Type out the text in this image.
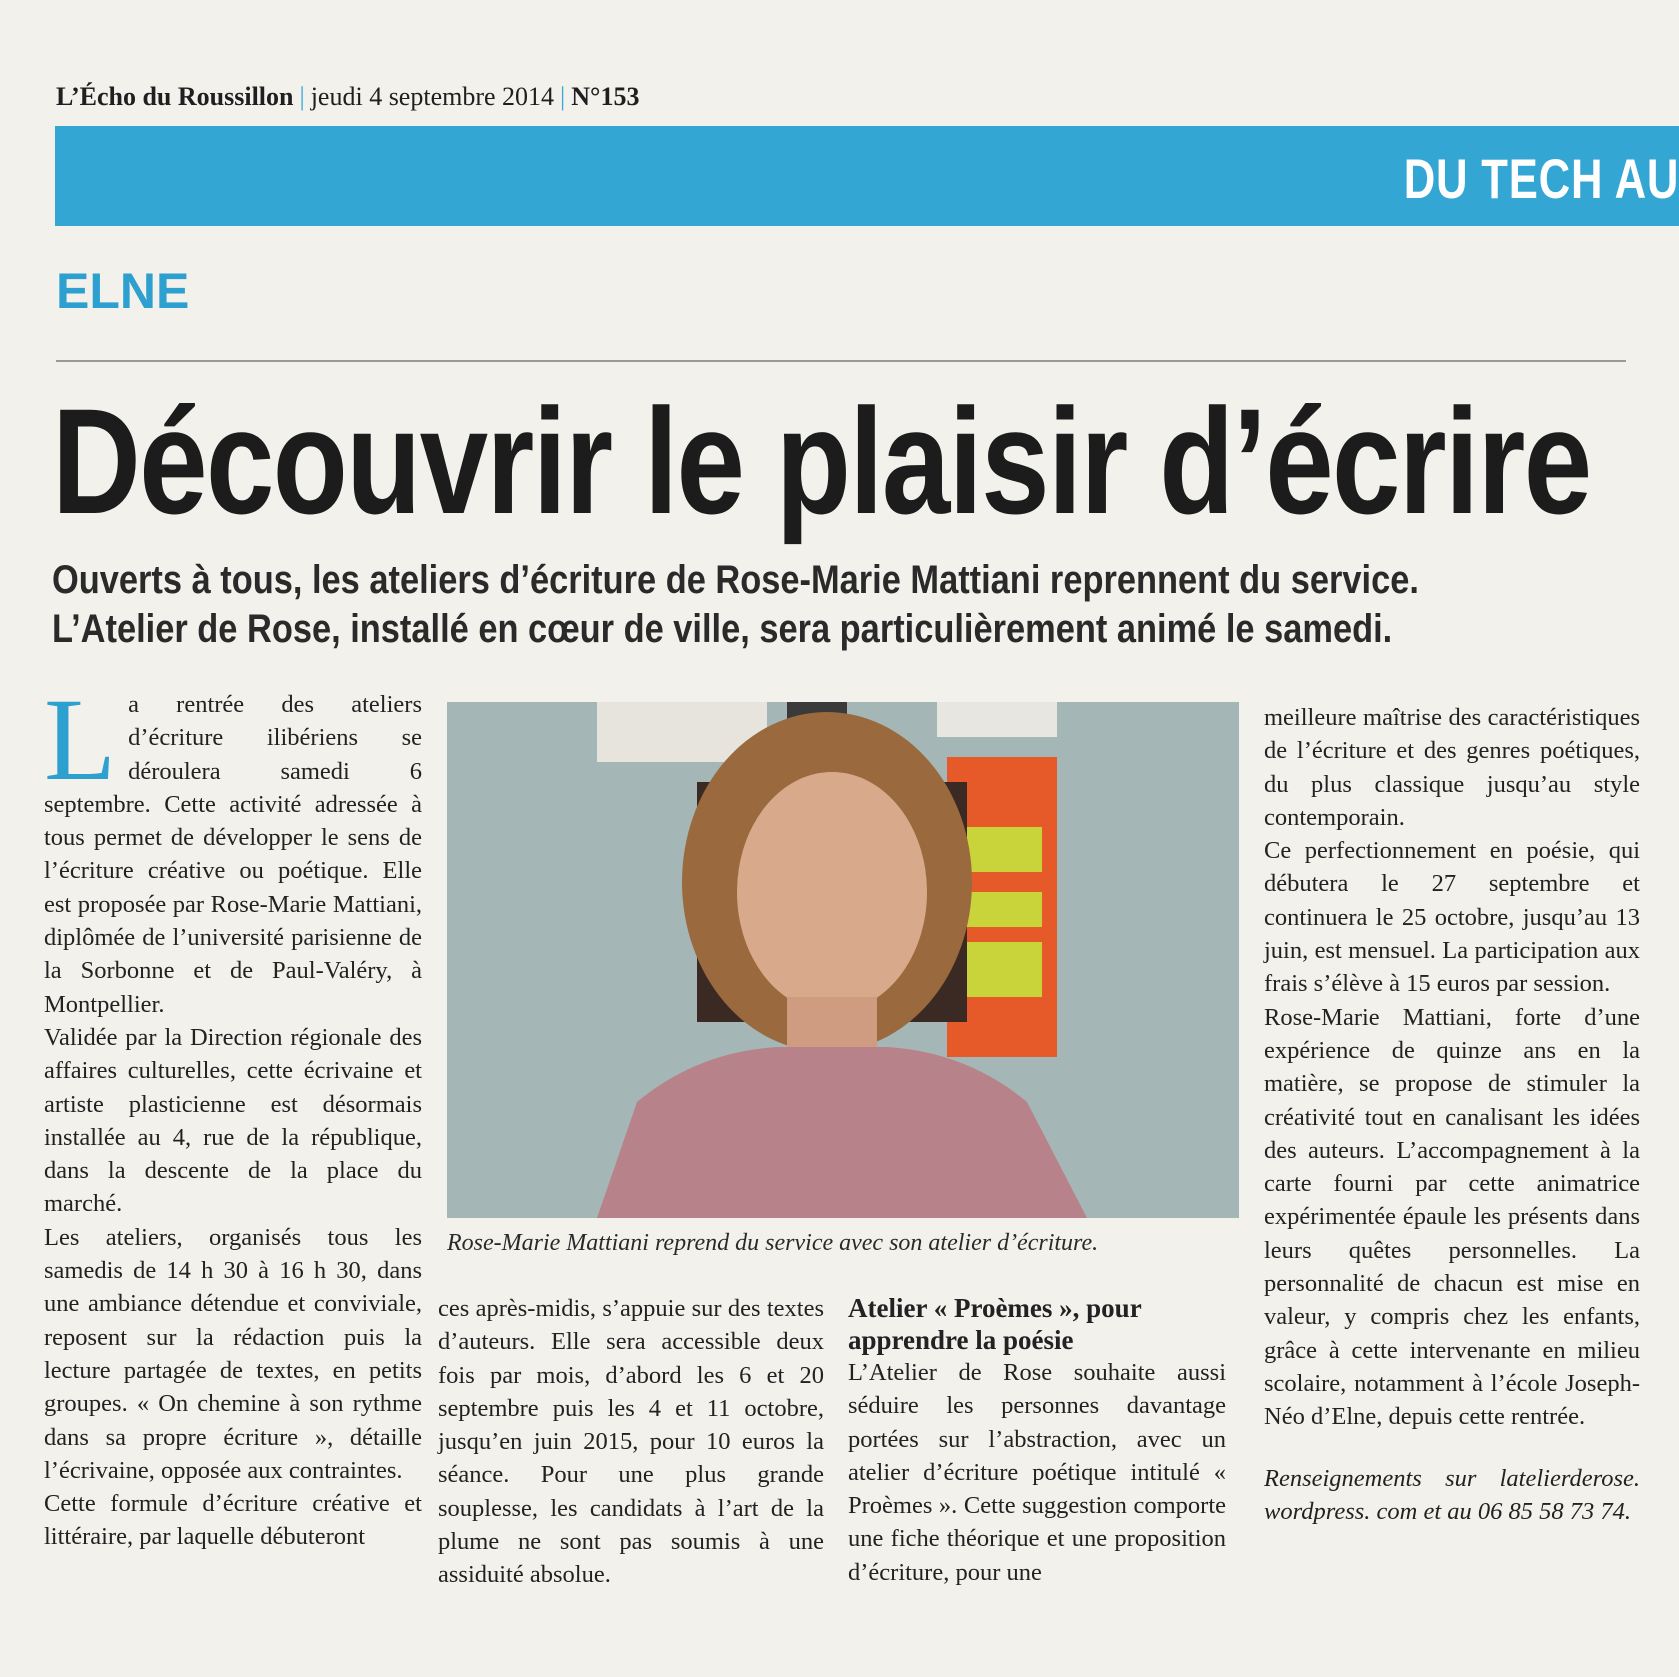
L’Écho du Roussillon | jeudi 4 septembre 2014 | N°153
DU TECH AU
ELNE
Découvrir le plaisir d’écrire
Ouverts à tous, les ateliers d’écriture de Rose-Marie Mattiani reprennent du service.
L’Atelier de Rose, installé en cœur de ville, sera particulièrement animé le samedi.

La rentrée des ateliers d’écriture ilibériens se déroulera samedi 6 septembre. Cette activité adressée à tous permet de développer le sens de l’écriture créative ou poétique. Elle est proposée par Rose-Marie Mattiani, diplômée de l’université parisienne de la Sorbonne et de Paul-Valéry, à Montpellier.

Validée par la Direction régionale des affaires culturelles, cette écrivaine et artiste plasticienne est désormais installée au 4, rue de la république, dans la descente de la place du marché.

Les ateliers, organisés tous les samedis de 14 h 30 à 16 h 30, dans une ambiance détendue et conviviale, reposent sur la rédaction puis la lecture partagée de textes, en petits groupes. « On chemine à son rythme dans sa propre écriture », détaille l’écrivaine, opposée aux contraintes.

Cette formule d’écriture créative et littéraire, par laquelle débuteront

Rose-Marie Mattiani reprend du service avec son atelier d’écriture.

ces après-midis, s’appuie sur des textes d’auteurs. Elle sera accessible deux fois par mois, d’abord les 6 et 20 septembre puis les 4 et 11 octobre, jusqu’en juin 2015, pour 10 euros la séance. Pour une plus grande souplesse, les candidats à l’art de la plume ne sont pas soumis à une assiduité absolue.

Atelier « Proèmes », pour apprendre la poésie

L’Atelier de Rose souhaite aussi séduire les personnes davantage portées sur l’abstraction, avec un atelier d’écriture poétique intitulé « Proèmes ». Cette suggestion comporte une fiche théorique et une proposition d’écriture, pour une

meilleure maîtrise des caractéristiques de l’écriture et des genres poétiques, du plus classique jusqu’au style contemporain.

Ce perfectionnement en poésie, qui débutera le 27 septembre et continuera le 25 octobre, jusqu’au 13 juin, est mensuel. La participation aux frais s’élève à 15 euros par session.

Rose-Marie Mattiani, forte d’une expérience de quinze ans en la matière, se propose de stimuler la créativité tout en canalisant les idées des auteurs. L’accompagnement à la carte fourni par cette animatrice expérimentée épaule les présents dans leurs quêtes personnelles. La personnalité de chacun est mise en valeur, y compris chez les enfants, grâce à cette intervenante en milieu scolaire, notamment à l’école Joseph-Néo d’Elne, depuis cette rentrée.

Renseignements sur latelierderose. wordpress. com et au 06 85 58 73 74.
